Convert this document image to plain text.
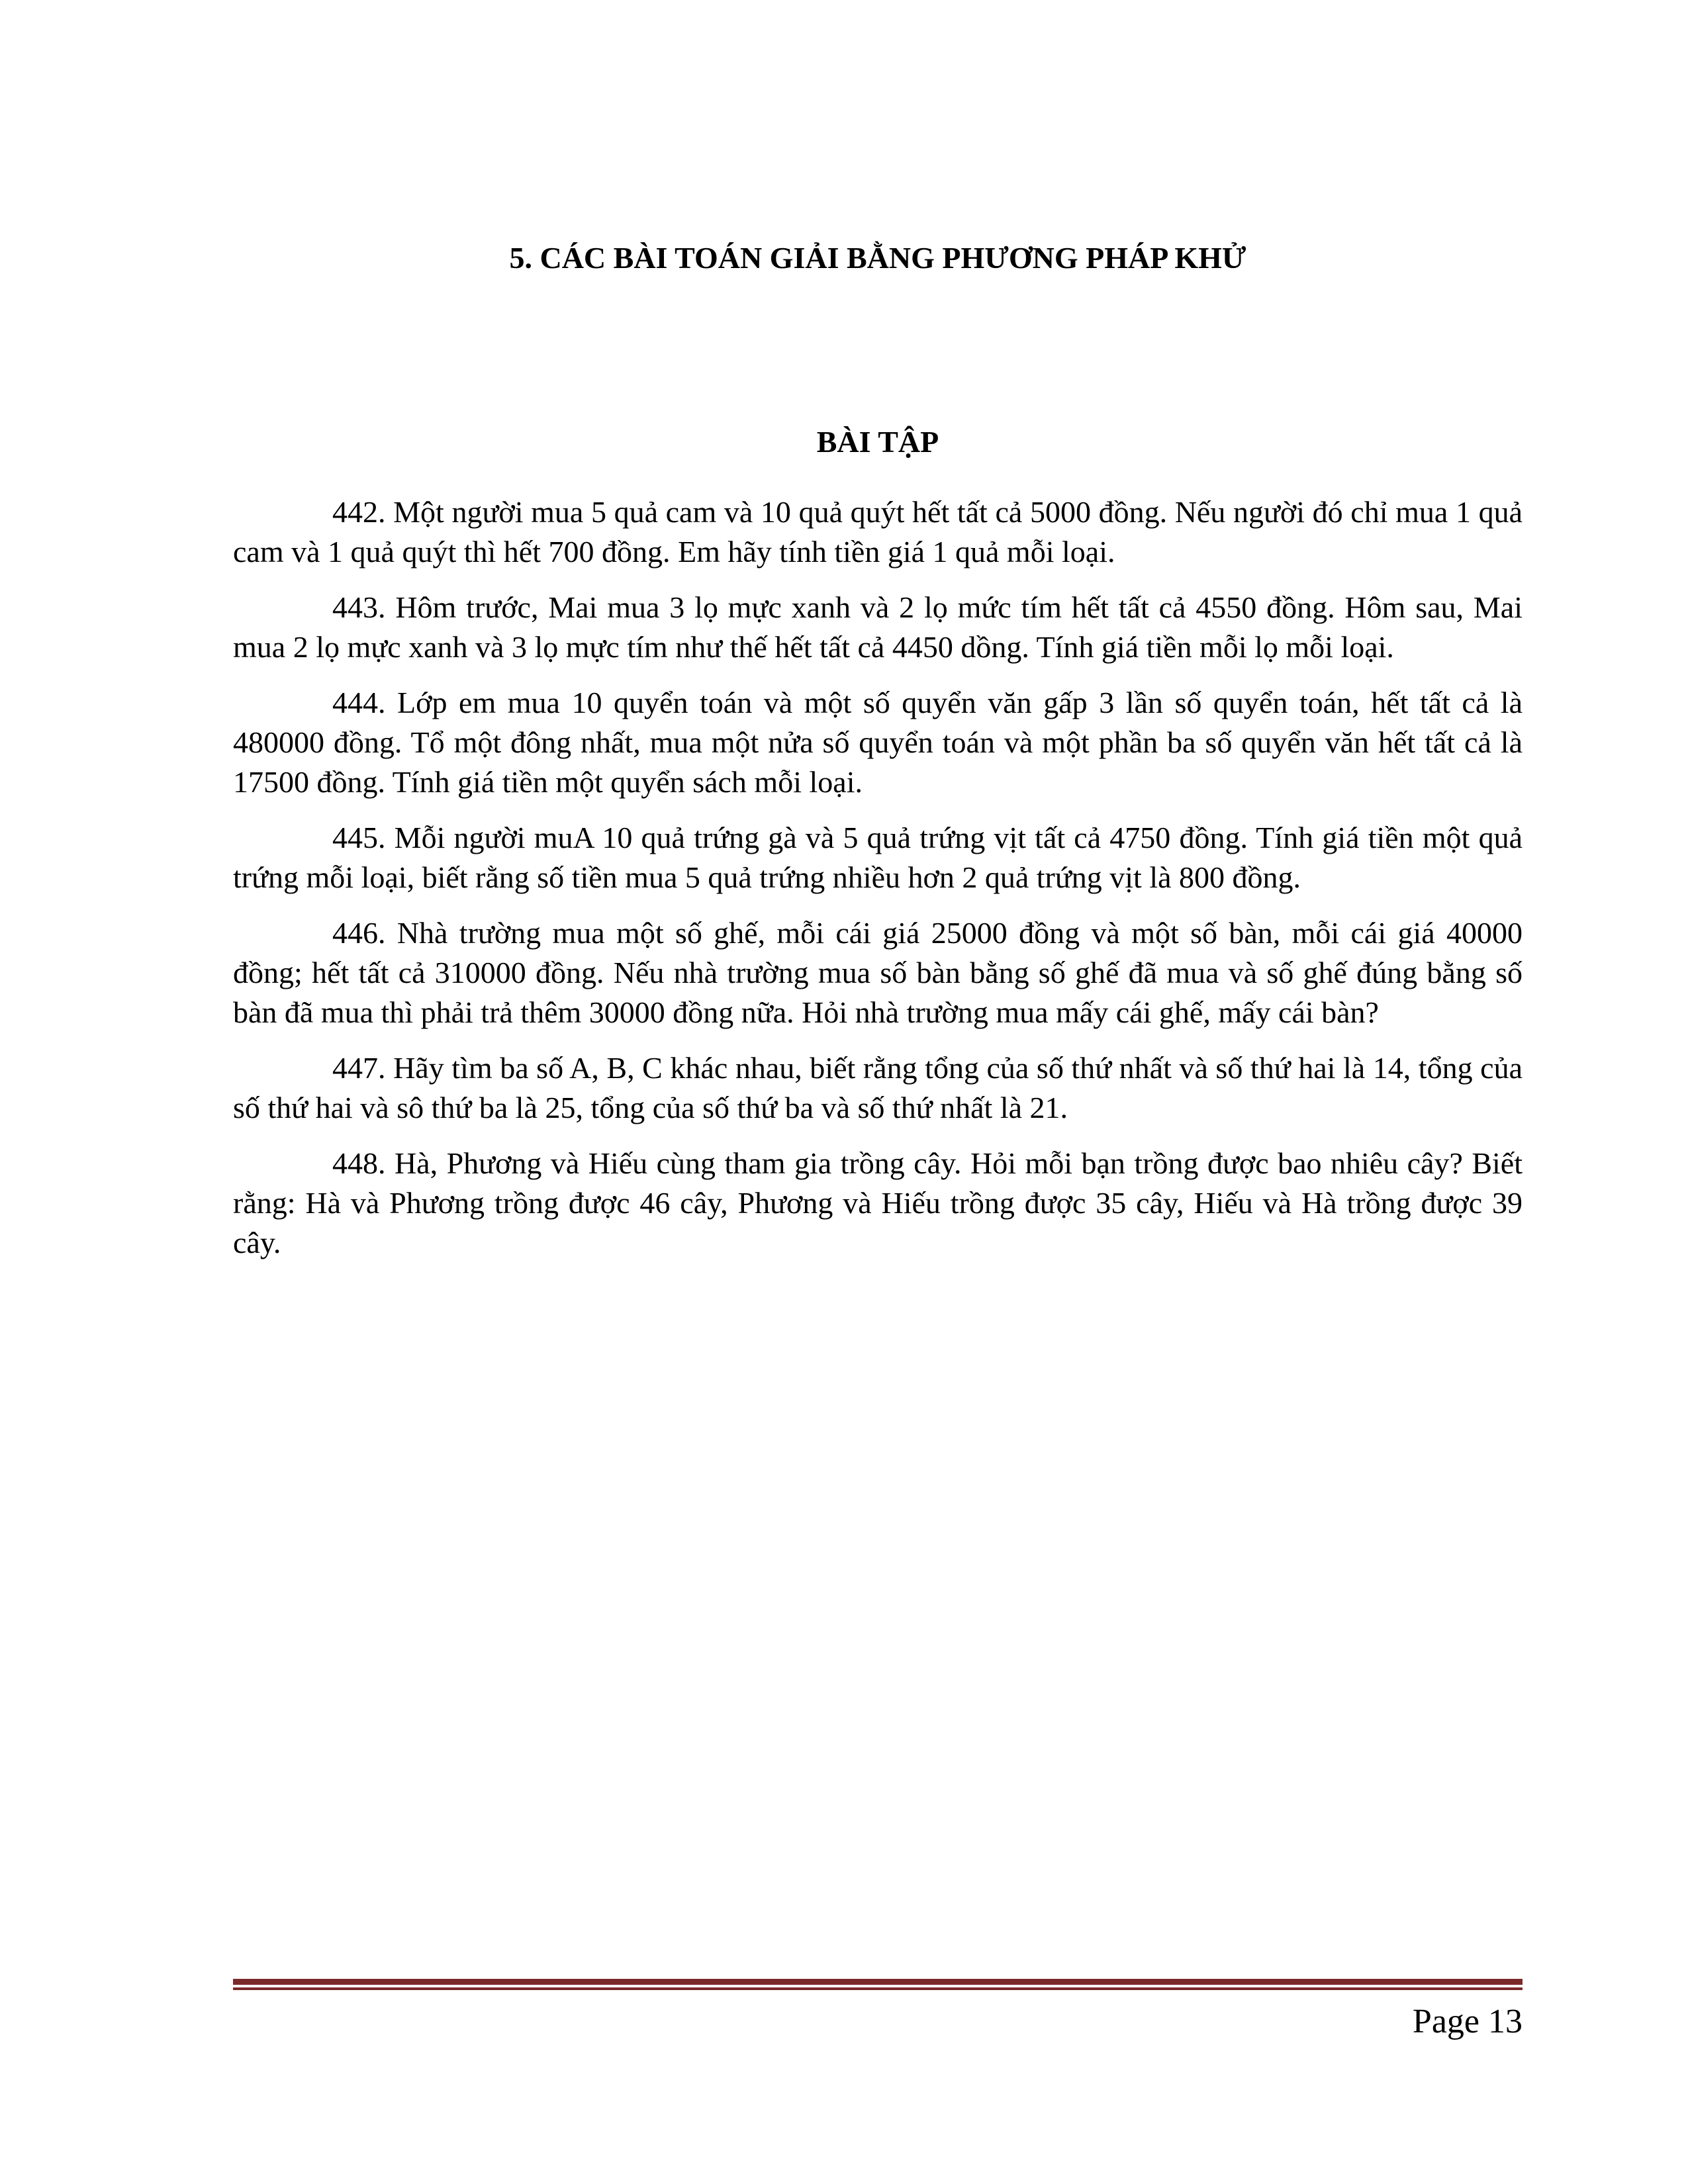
5. CÁC BÀI TOÁN GIẢI BẰNG PHƯƠNG PHÁP KHỬ
BÀI TẬP

442. Một người mua 5 quả cam và 10 quả quýt hết tất cả 5000 đồng. Nếu người đó chỉ mua 1 quả cam và 1 quả quýt thì hết 700 đồng. Em hãy tính tiền giá 1 quả mỗi loại.

443. Hôm trước, Mai mua 3 lọ mực xanh và 2 lọ mức tím hết tất cả 4550 đồng. Hôm sau, Mai mua 2 lọ mực xanh và 3 lọ mực tím như thế hết tất cả 4450 dồng. Tính giá tiền mỗi lọ mỗi loại.

444. Lớp em mua 10 quyển toán và một số quyển văn gấp 3 lần số quyển toán, hết tất cả là 480000 đồng. Tổ một đông nhất, mua một nửa số quyển toán và một phần ba số quyển văn hết tất cả là 17500 đồng. Tính giá tiền một quyển sách mỗi loại.

445. Mỗi người muA 10 quả trứng gà và 5 quả trứng vịt tất cả 4750 đồng. Tính giá tiền một quả trứng mỗi loại, biết rằng số tiền mua 5 quả trứng nhiều hơn 2 quả trứng vịt là 800 đồng.

446. Nhà trường mua một số ghế, mỗi cái giá 25000 đồng và một số bàn, mỗi cái giá 40000 đồng; hết tất cả 310000 đồng. Nếu nhà trường mua số bàn bằng số ghế đã mua và số ghế đúng bằng số bàn đã mua thì phải trả thêm 30000 đồng nữa. Hỏi nhà trường mua mấy cái ghế, mấy cái bàn?

447. Hãy tìm ba số A, B, C khác nhau, biết rằng tổng của số thứ nhất và số thứ hai là 14, tổng của số thứ hai và sô thứ ba là 25, tổng của số thứ ba và số thứ nhất là 21.

448. Hà, Phương và Hiếu cùng tham gia trồng cây. Hỏi mỗi bạn trồng được bao nhiêu cây? Biết rằng: Hà và Phương trồng được 46 cây, Phương và Hiếu trồng được 35 cây, Hiếu và Hà trồng được 39 cây.

Page 13
